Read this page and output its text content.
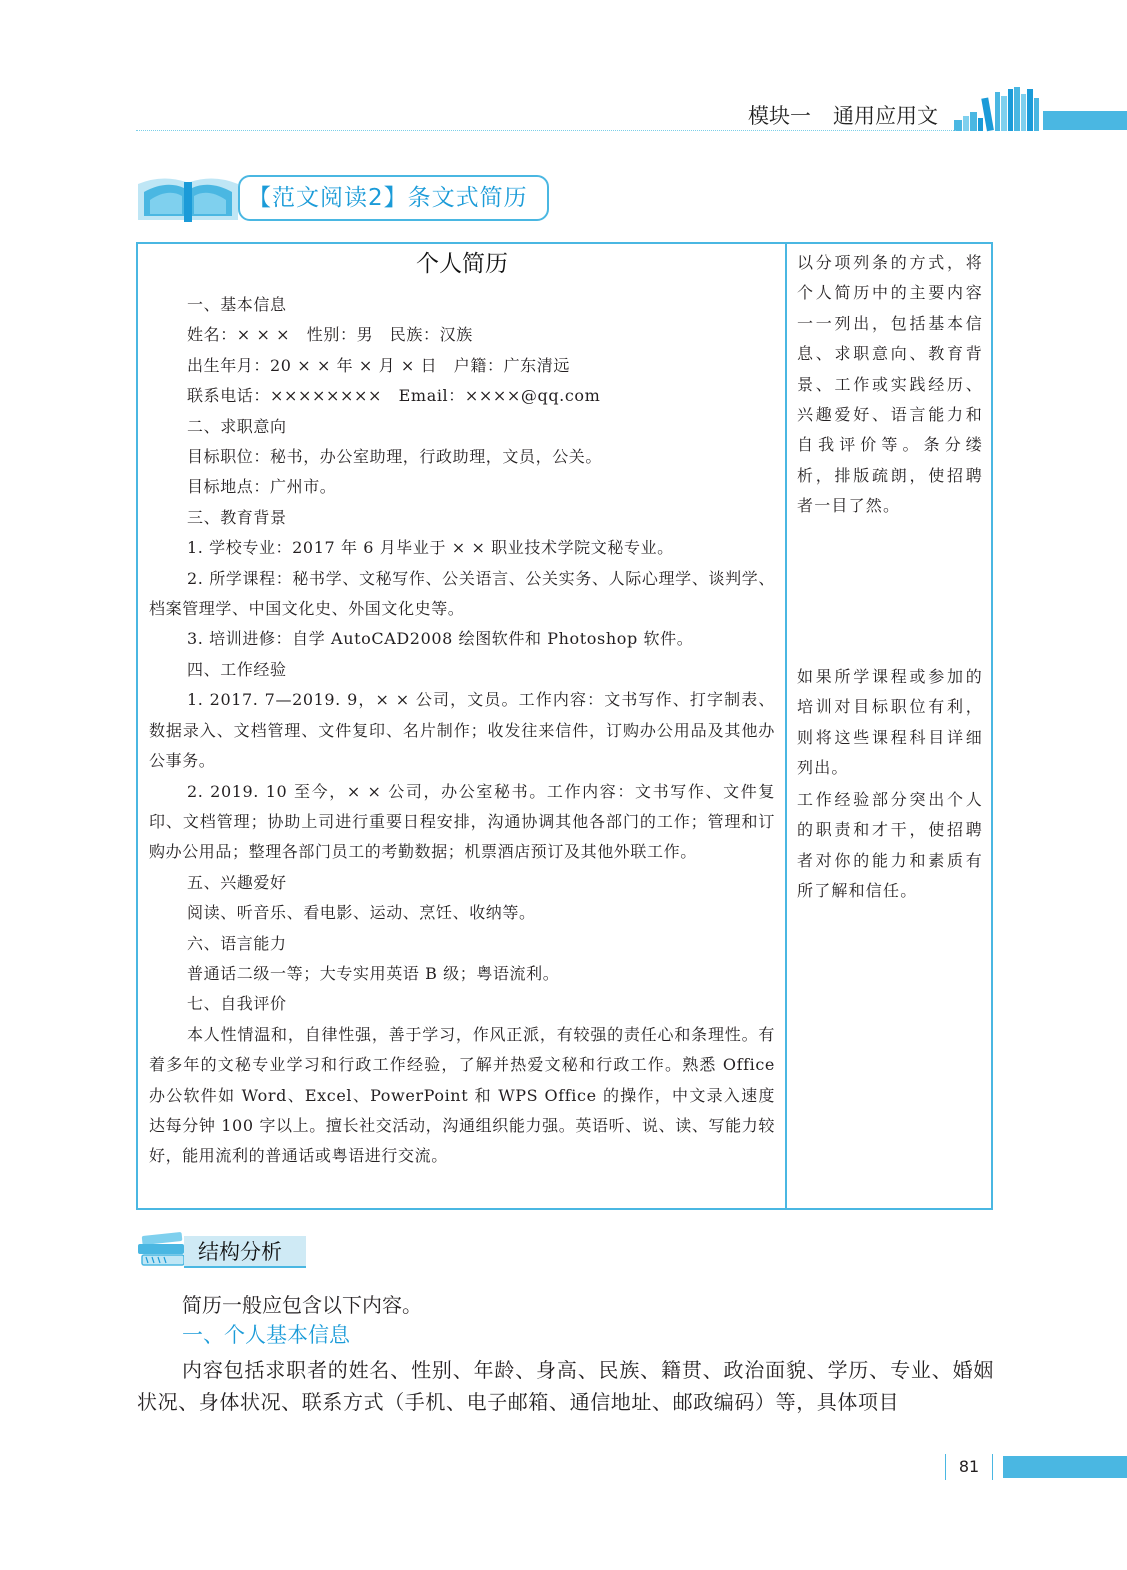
模块一 通用应用文
【范文阅读2】条文式简历
个人简历

一、基本信息

姓名：× × ×　性别：男　民族：汉族

出生年月：20 × × 年 × 月 × 日　户籍：广东清远

联系电话：××××××××　Email：××××@qq.com

二、求职意向

目标职位：秘书，办公室助理，行政助理，文员，公关。

目标地点：广州市。

三、教育背景

1. 学校专业：2017 年 6 月毕业于 × × 职业技术学院文秘专业。

2. 所学课程：秘书学、文秘写作、公关语言、公关实务、人际心理学、谈判学、档案管理学、中国文化史、外国文化史等。

3. 培训进修：自学 AutoCAD2008 绘图软件和 Photoshop 软件。

四、工作经验

1. 2017. 7—2019. 9，× × 公司，文员。工作内容：文书写作、打字制表、数据录入、文档管理、文件复印、名片制作；收发往来信件，订购办公用品及其他办公事务。

2. 2019. 10 至今，× × 公司，办公室秘书。工作内容：文书写作、文件复印、文档管理；协助上司进行重要日程安排，沟通协调其他各部门的工作；管理和订购办公用品；整理各部门员工的考勤数据；机票酒店预订及其他外联工作。

五、兴趣爱好

阅读、听音乐、看电影、运动、烹饪、收纳等。

六、语言能力

普通话二级一等；大专实用英语 B 级；粤语流利。

七、自我评价

本人性情温和，自律性强，善于学习，作风正派，有较强的责任心和条理性。有着多年的文秘专业学习和行政工作经验，了解并热爱文秘和行政工作。熟悉 Office 办公软件如 Word、Excel、PowerPoint 和 WPS Office 的操作，中文录入速度达每分钟 100 字以上。擅长社交活动，沟通组织能力强。英语听、说、读、写能力较好，能用流利的普通话或粤语进行交流。

以分项列条的方式，将个人简历中的主要内容一一列出，包括基本信息、求职意向、教育背景、工作或实践经历、兴趣爱好、语言能力和自我评价等。条分缕析，排版疏朗，使招聘者一目了然。

如果所学课程或参加的培训对目标职位有利，则将这些课程科目详细列出。

工作经验部分突出个人的职责和才干，使招聘者对你的能力和素质有所了解和信任。

结构分析
简历一般应包含以下内容。
一、个人基本信息
内容包括求职者的姓名、性别、年龄、身高、民族、籍贯、政治面貌、学历、专业、婚姻状况、身体状况、联系方式（手机、电子邮箱、通信地址、邮政编码）等，具体项目
81
